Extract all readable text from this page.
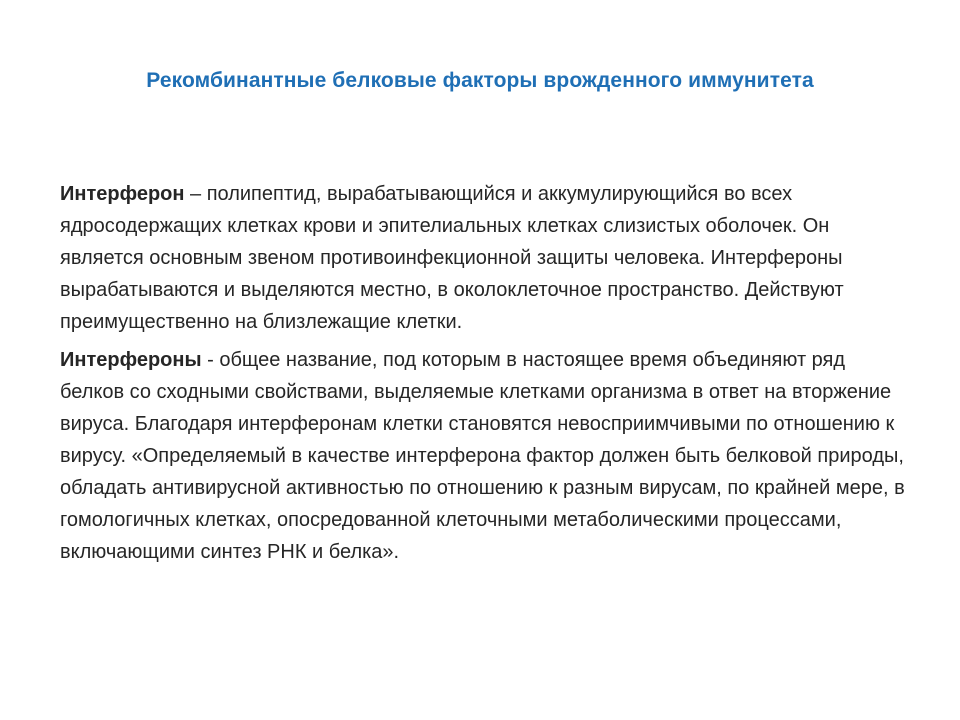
Рекомбинантные белковые факторы врожденного иммунитета

Интерферон – полипептид, вырабатывающийся и аккумулирующийся во всех ядросодержащих клетках крови и эпителиальных клетках слизистых оболочек. Он является основным звеном противоинфекционной защиты человека. Интерфероны вырабатываются и выделяются местно, в околоклеточное пространство. Действуют преимущественно на близлежащие клетки.

Интерфероны - общее название, под которым в настоящее время объединяют ряд белков со сходными свойствами, выделяемые клетками организма в ответ на вторжение вируса. Благодаря интерферонам клетки становятся невосприимчивыми по отношению к вирусу. «Определяемый в качестве интерферона фактор должен быть белковой природы, обладать антивирусной активностью по отношению к разным вирусам, по крайней мере, в гомологичных клетках, опосредованной клеточными метаболическими процессами, включающими синтез РНК и белка».
